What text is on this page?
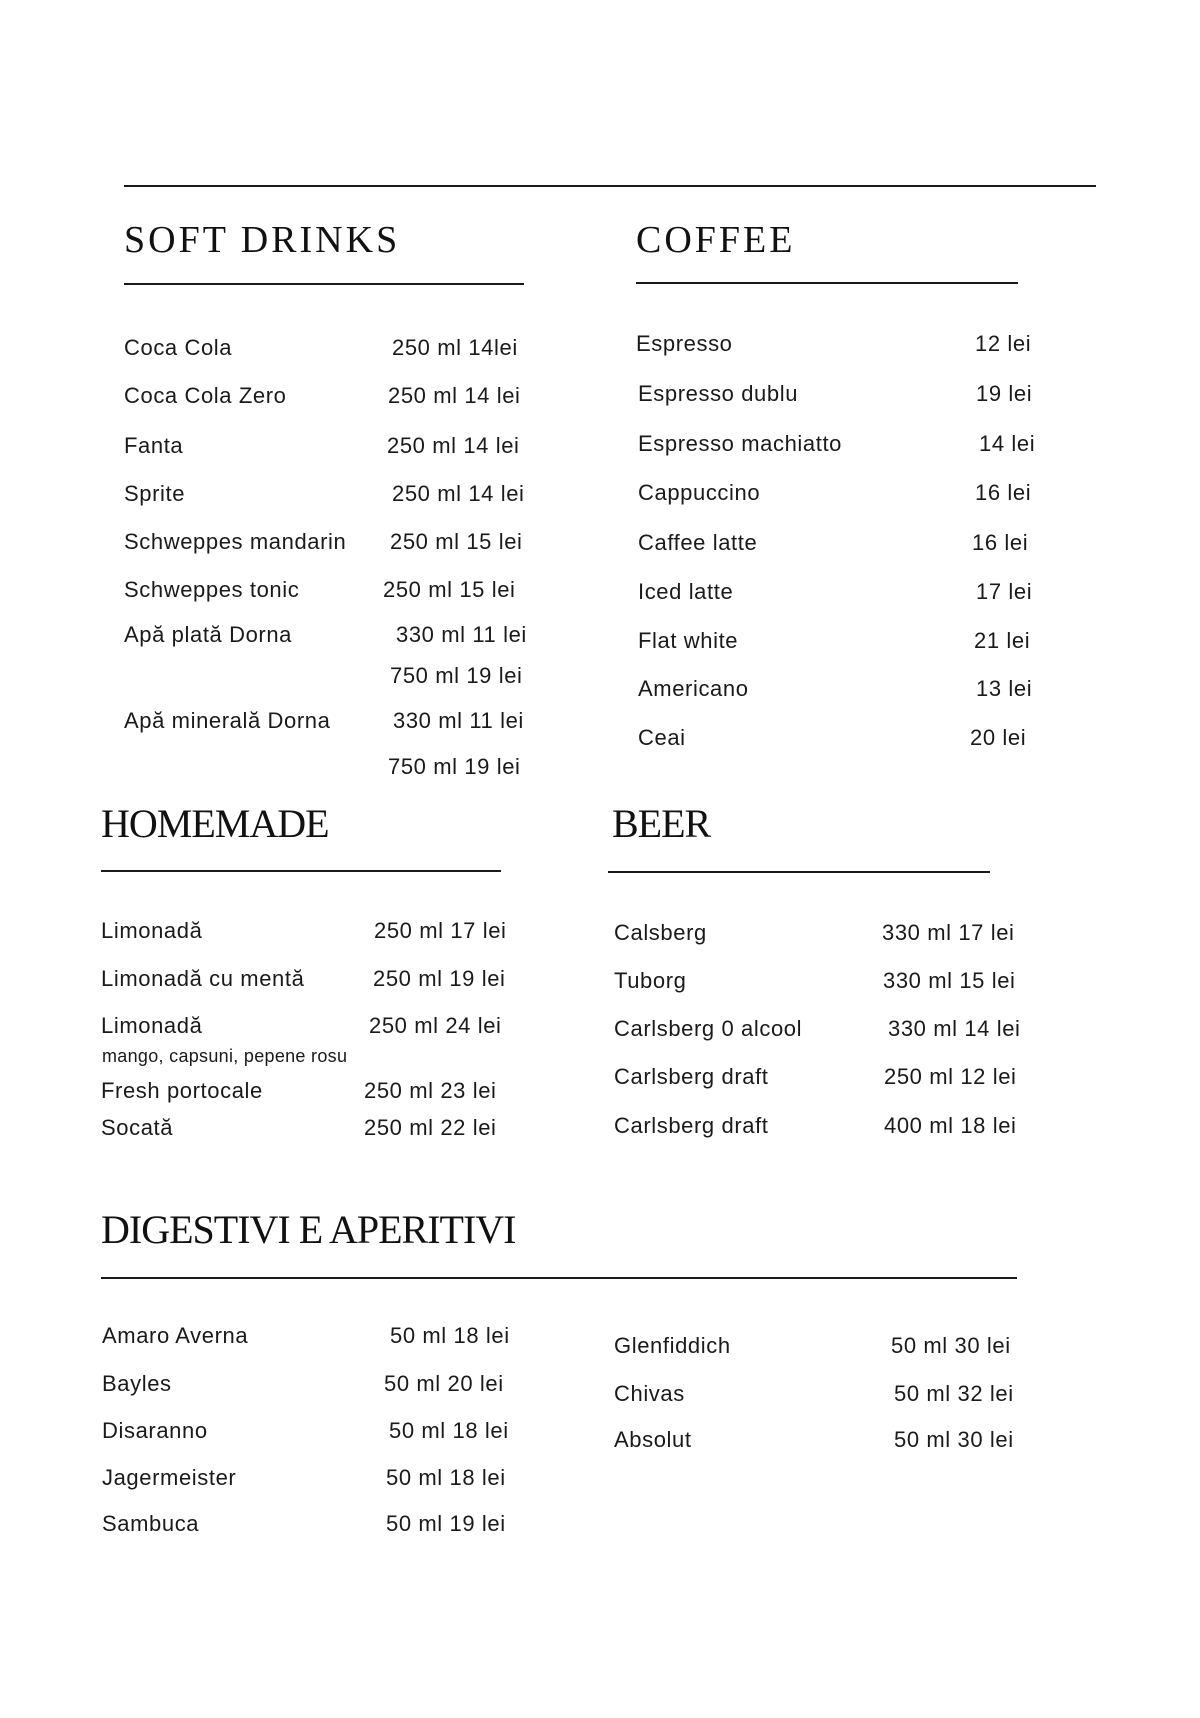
SOFT DRINKS
Coca Cola	250 ml 14lei
Coca Cola Zero	250 ml 14 lei
Fanta	250 ml 14 lei
Sprite	250 ml 14 lei
Schweppes mandarin 250 ml 15 lei
Schweppes tonic	250 ml 15 lei
Apă plată Dorna	330 ml 11 lei
750 ml 19 lei
Apă minerală Dorna	330 ml 11 lei
750 ml 19 lei
COFFEE
Espresso	12 lei
Espresso dublu	19 lei
Espresso machiatto	14 lei
Cappuccino	16 lei
Caffee latte	16 lei
Iced latte	17 lei
Flat white	21 lei
Americano	13 lei
Ceai	20 lei
HOMEMADE
Limonadă	250 ml 17 lei
Limonadă cu mentă	250 ml 19 lei
Limonadă	250 ml 24 lei
mango, capsuni, pepene rosu
Fresh portocale	250 ml 23 lei
Socată	250 ml 22 lei
BEER
Calsberg	330 ml 17 lei
Tuborg	330 ml 15 lei
Carlsberg 0 alcool	330 ml 14 lei
Carlsberg draft	250 ml 12 lei
Carlsberg draft	400 ml 18 lei
DIGESTIVI E APERITIVI
Amaro Averna	50 ml 18 lei
Bayles	50 ml 20 lei
Disaranno	50 ml 18 lei
Jagermeister	50 ml 18 lei
Sambuca	50 ml 19 lei
Glenfiddich	50 ml 30 lei
Chivas	50 ml 32 lei
Absolut	50 ml 30 lei
